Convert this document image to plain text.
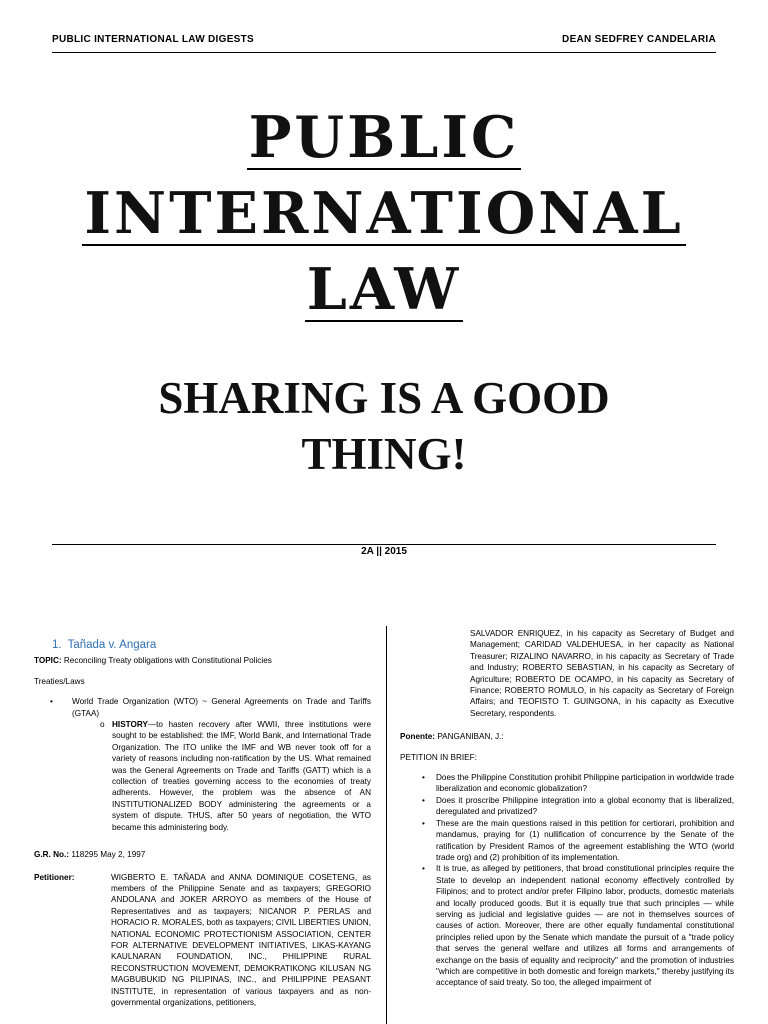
PUBLIC INTERNATIONAL LAW DIGESTS	DEAN SEDFREY CANDELARIA
PUBLIC
INTERNATIONAL
LAW
SHARING IS A GOOD
THING!
2A || 2015
1. Tañada v. Angara
TOPIC: Reconciling Treaty obligations with Constitutional Policies
Treaties/Laws
• World Trade Organization (WTO) ~ General Agreements on Trade and Tariffs (GTAA)
o HISTORY—to hasten recovery after WWII, three institutions were sought to be established: the IMF, World Bank, and International Trade Organization. The ITO unlike the IMF and WB never took off for a variety of reasons including non-ratification by the US. What remained was the General Agreements on Trade and Tariffs (GATT) which is a collection of treaties governing access to the economies of treaty adherents. However, the problem was the absence of AN INSTITUTIONALIZED BODY administering the agreements or a system of dispute. THUS, after 50 years of negotiation, the WTO became this administering body.
G.R. No.: 118295 May 2, 1997
Petitioner:	WIGBERTO E. TAÑADA and ANNA DOMINIQUE COSETENG, as members of the Philippine Senate and as taxpayers; GREGORIO ANDOLANA and JOKER ARROYO as members of the House of Representatives and as taxpayers; NICANOR P. PERLAS and HORACIO R. MORALES, both as taxpayers; CIVIL LIBERTIES UNION, NATIONAL ECONOMIC PROTECTIONISM ASSOCIATION, CENTER FOR ALTERNATIVE DEVELOPMENT INITIATIVES, LIKAS-KAYANG KAULNARAN FOUNDATION, INC., PHILIPPINE RURAL RECONSTRUCTION MOVEMENT, DEMOKRATIKONG KILUSAN NG MAGBUBUKID NG PILIPINAS, INC., and PHILIPPINE PEASANT INSTITUTE, in representation of various taxpayers and as non-governmental organizations, petitioners,
SALVADOR ENRIQUEZ, in his capacity as Secretary of Budget and Management; CARIDAD VALDEHUESA, in her capacity as National Treasurer; RIZALINO NAVARRO, in his capacity as Secretary of Trade and Industry; ROBERTO SEBASTIAN, in his capacity as Secretary of Agriculture; ROBERTO DE OCAMPO, in his capacity as Secretary of Finance; ROBERTO ROMULO, in his capacity as Secretary of Foreign Affairs; and TEOFISTO T. GUINGONA, in his capacity as Executive Secretary, respondents.
Ponente: PANGANIBAN, J.:
PETITION IN BRIEF:
• Does the Philippine Constitution prohibit Philippine participation in worldwide trade liberalization and economic globalization?
• Does it proscribe Philippine integration into a global economy that is liberalized, deregulated and privatized?
• These are the main questions raised in this petition for certiorari, prohibition and mandamus, praying for (1) nullification of concurrence by the Senate of the ratification by President Ramos of the agreement establishing the WTO (world trade org) and (2) prohibition of its implementation.
• It is true, as alleged by petitioners, that broad constitutional principles require the State to develop an independent national economy effectively controlled by Filipinos; and to protect and/or prefer Filipino labor, products, domestic materials and locally produced goods. But it is equally true that such principles — while serving as judicial and legislative guides — are not in themselves sources of causes of action. Moreover, there are other equally fundamental constitutional principles relied upon by the Senate which mandate the pursuit of a "trade policy that serves the general welfare and utilizes all forms and arrangements of exchange on the basis of equality and reciprocity" and the promotion of industries "which are competitive in both domestic and foreign markets," thereby justifying its acceptance of said treaty. So too, the alleged impairment of
